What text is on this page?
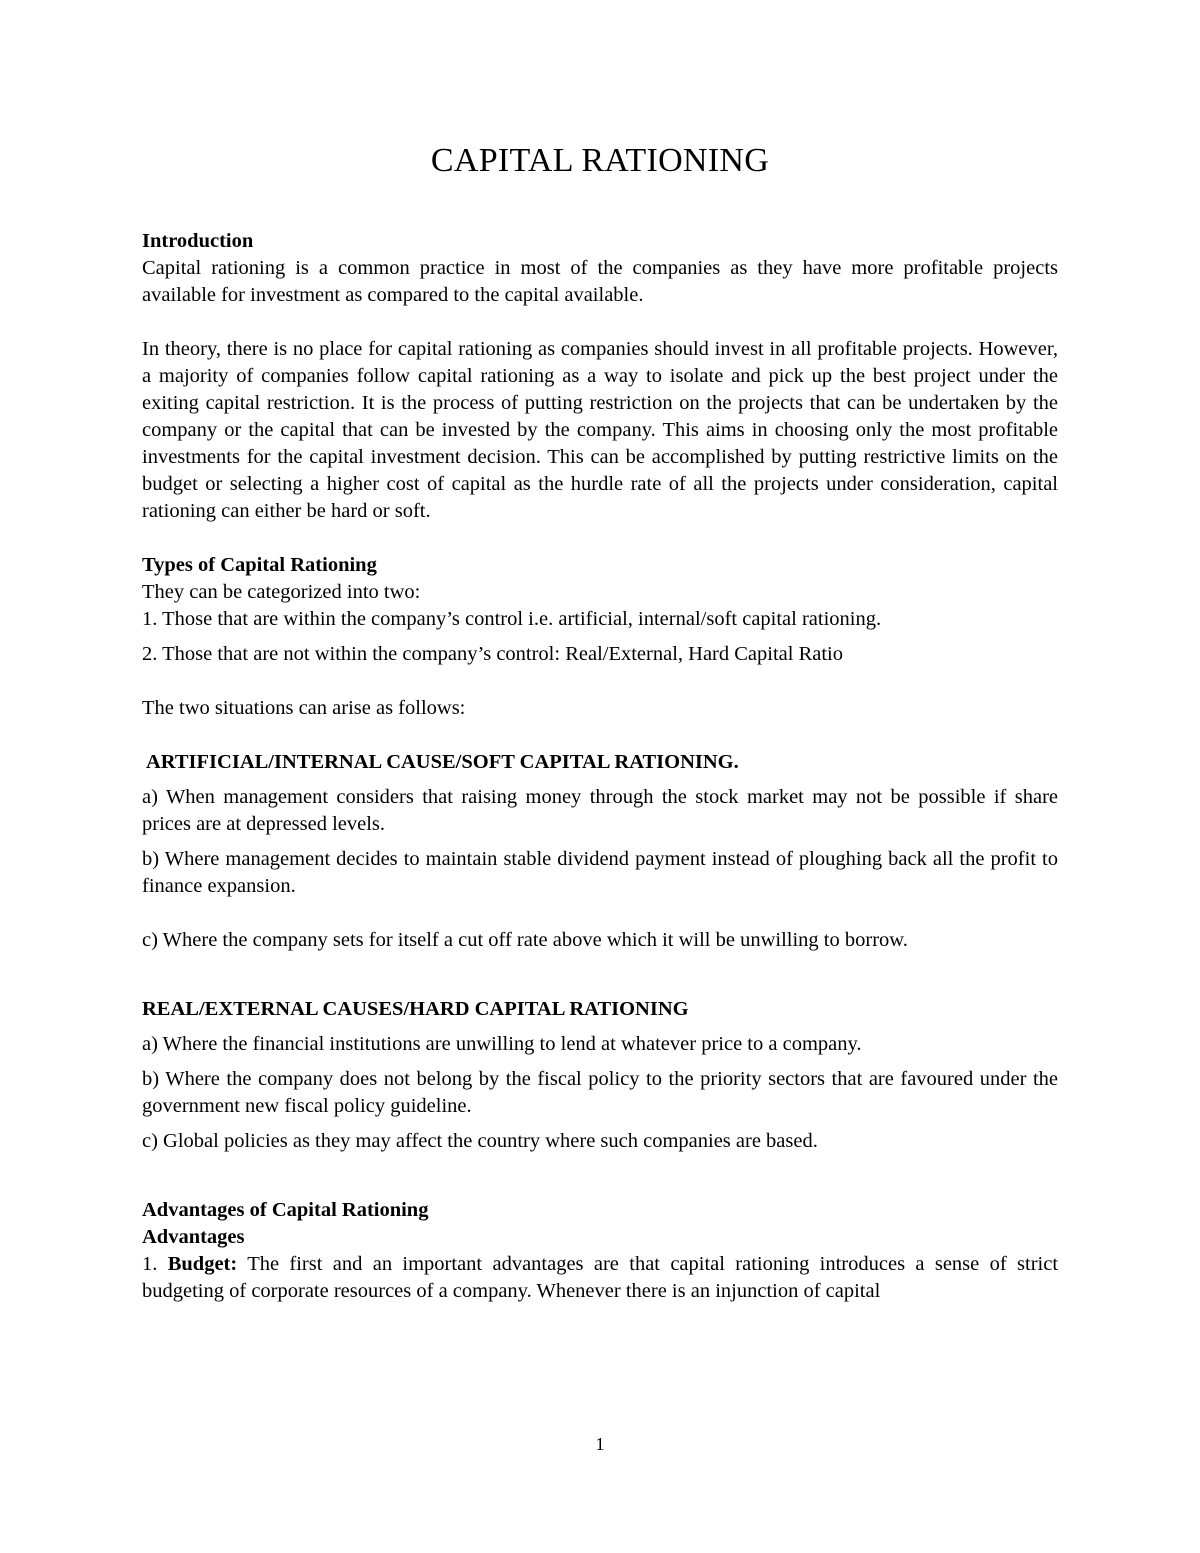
CAPITAL RATIONING
Introduction

Capital rationing is a common practice in most of the companies as they have more profitable projects available for investment as compared to the capital available.

In theory, there is no place for capital rationing as companies should invest in all profitable projects. However, a majority of companies follow capital rationing as a way to isolate and pick up the best project under the exiting capital restriction. It is the process of putting restriction on the projects that can be undertaken by the company or the capital that can be invested by the company. This aims in choosing only the most profitable investments for the capital investment decision. This can be accomplished by putting restrictive limits on the budget or selecting a higher cost of capital as the hurdle rate of all the projects under consideration, capital rationing can either be hard or soft.

Types of Capital Rationing

They can be categorized into two:

1. Those that are within the company’s control i.e. artificial, internal/soft capital rationing.

2. Those that are not within the company’s control: Real/External, Hard Capital Ratio

The two situations can arise as follows:

ARTIFICIAL/INTERNAL CAUSE/SOFT CAPITAL RATIONING.

a) When management considers that raising money through the stock market may not be possible if share prices are at depressed levels.

b) Where management decides to maintain stable dividend payment instead of ploughing back all the profit to finance expansion.

c) Where the company sets for itself a cut off rate above which it will be unwilling to borrow.

REAL/EXTERNAL CAUSES/HARD CAPITAL RATIONING

a) Where the financial institutions are unwilling to lend at whatever price to a company.

b) Where the company does not belong by the fiscal policy to the priority sectors that are favoured under the government new fiscal policy guideline.

c) Global policies as they may affect the country where such companies are based.

Advantages of Capital Rationing
Advantages

1. Budget: The first and an important advantages are that capital rationing introduces a sense of strict budgeting of corporate resources of a company. Whenever there is an injunction of capital

1
